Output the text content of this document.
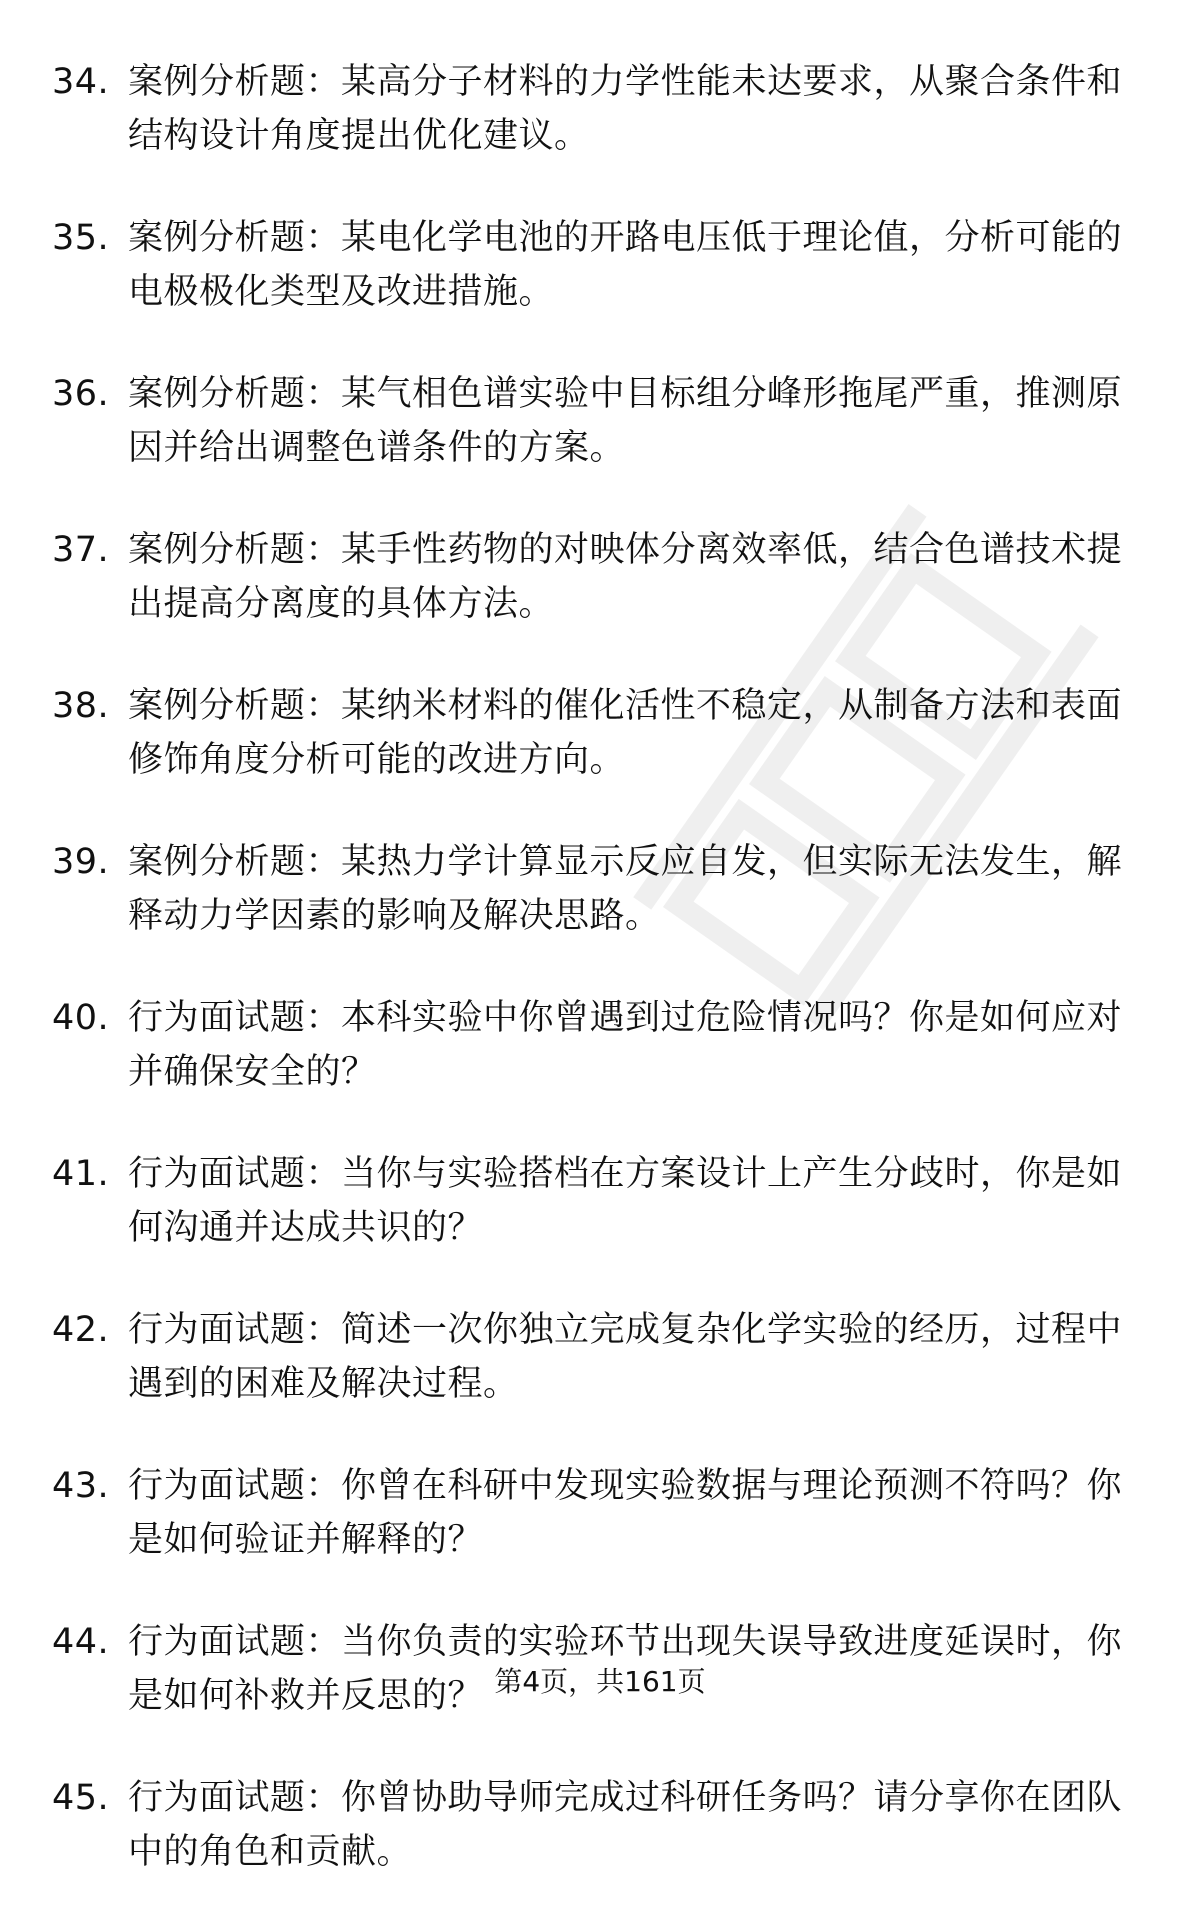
34. 案例分析题：某高分子材料的力学性能未达要求，从聚合条件和结构设计角度提出优化建议。
35. 案例分析题：某电化学电池的开路电压低于理论值，分析可能的电极极化类型及改进措施。
36. 案例分析题：某气相色谱实验中目标组分峰形拖尾严重，推测原因并给出调整色谱条件的方案。
37. 案例分析题：某手性药物的对映体分离效率低，结合色谱技术提出提高分离度的具体方法。
38. 案例分析题：某纳米材料的催化活性不稳定，从制备方法和表面修饰角度分析可能的改进方向。
39. 案例分析题：某热力学计算显示反应自发，但实际无法发生，解释动力学因素的影响及解决思路。
40. 行为面试题：本科实验中你曾遇到过危险情况吗？你是如何应对并确保安全的？
41. 行为面试题：当你与实验搭档在方案设计上产生分歧时，你是如何沟通并达成共识的？
42. 行为面试题：简述一次你独立完成复杂化学实验的经历，过程中遇到的困难及解决过程。
43. 行为面试题：你曾在科研中发现实验数据与理论预测不符吗？你是如何验证并解释的？
44. 行为面试题：当你负责的实验环节出现失误导致进度延误时，你是如何补救并反思的？
45. 行为面试题：你曾协助导师完成过科研任务吗？请分享你在团队中的角色和贡献。
第4页，共161页
